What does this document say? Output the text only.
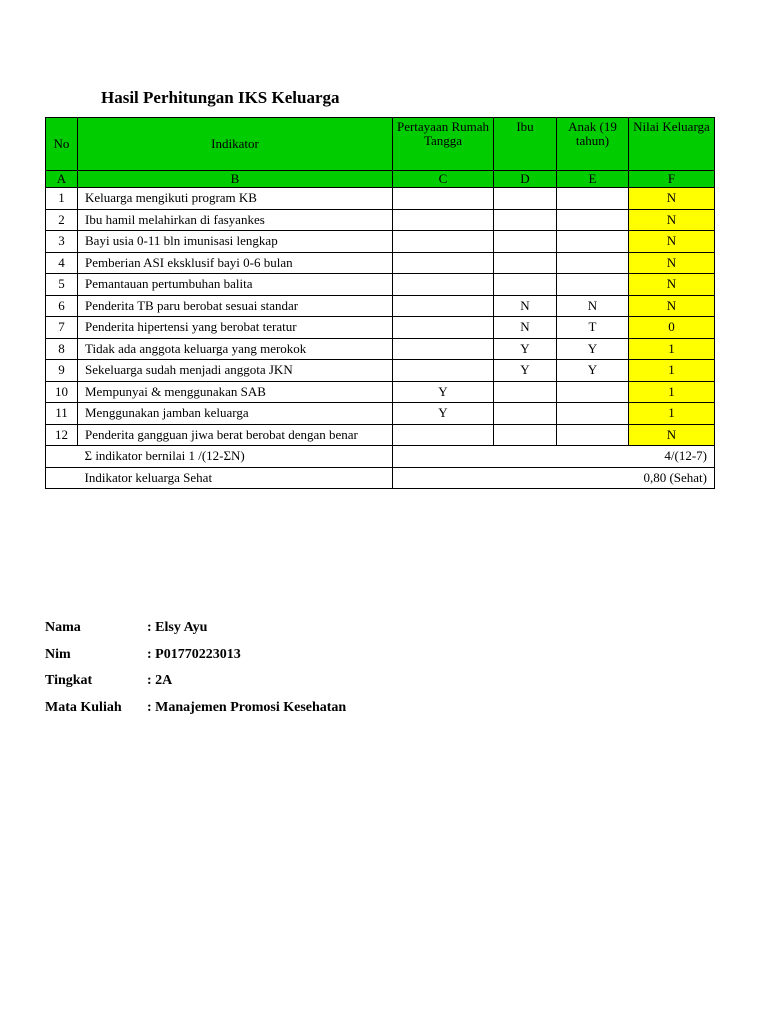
Hasil Perhitungan IKS Keluarga
No	Indikator	Pertayaan Rumah Tangga	Ibu	Anak (19 tahun)	Nilai Keluarga
A	B	C	D	E	F
1	Keluarga mengikuti program KB				N
2	Ibu hamil melahirkan di fasyankes				N
3	Bayi usia 0-11 bln imunisasi lengkap				N
4	Pemberian ASI eksklusif bayi 0-6 bulan				N
5	Pemantauan pertumbuhan balita				N
6	Penderita TB paru berobat sesuai standar		N	N	N
7	Penderita hipertensi yang berobat teratur		N	T	0
8	Tidak ada anggota keluarga yang merokok		Y	Y	1
9	Sekeluarga sudah menjadi anggota JKN		Y	Y	1
10	Mempunyai & menggunakan SAB	Y			1
11	Menggunakan jamban keluarga	Y			1
12	Penderita gangguan jiwa berat berobat dengan benar				N
	Σ indikator bernilai 1 /(12-ΣN)	4/(12-7)			
	Indikator keluarga Sehat	0,80 (Sehat)			
Nama	: Elsy Ayu
Nim	: P01770223013
Tingkat	: 2A
Mata Kuliah	: Manajemen Promosi Kesehatan
